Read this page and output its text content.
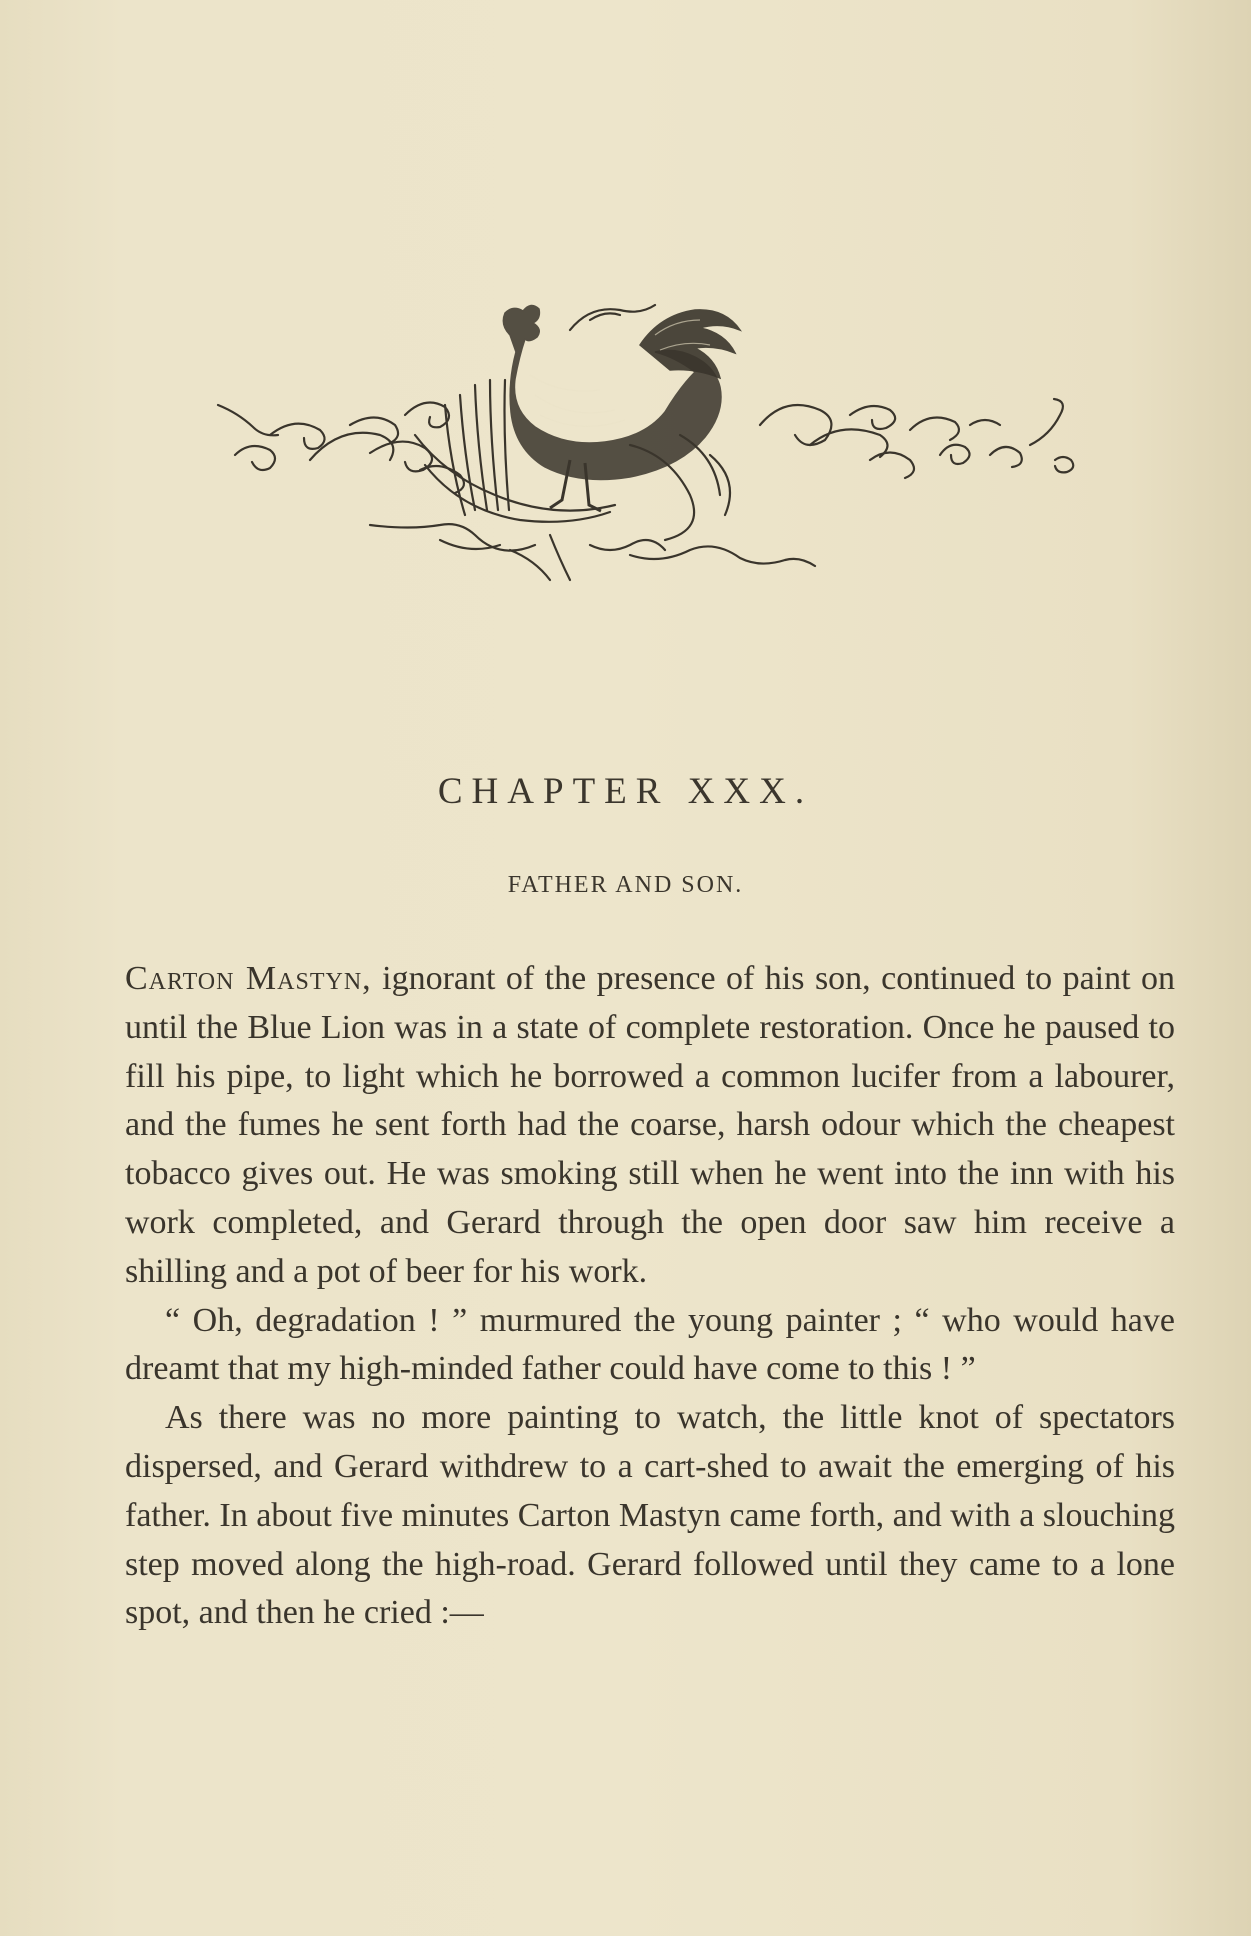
CHAPTER XXX.
FATHER AND SON.

Carton Mastyn, ignorant of the presence of his son, continued to paint on until the Blue Lion was in a state of complete restoration. Once he paused to fill his pipe, to light which he borrowed a common lucifer from a labourer, and the fumes he sent forth had the coarse, harsh odour which the cheapest tobacco gives out. He was smoking still when he went into the inn with his work completed, and Gerard through the open door saw him receive a shilling and a pot of beer for his work.

“ Oh, degradation ! ” murmured the young painter ; “ who would have dreamt that my high-minded father could have come to this ! ”

As there was no more painting to watch, the little knot of spectators dispersed, and Gerard withdrew to a cart-shed to await the emerging of his father. In about five minutes Carton Mastyn came forth, and with a slouching step moved along the high-road. Gerard followed until they came to a lone spot, and then he cried :—
